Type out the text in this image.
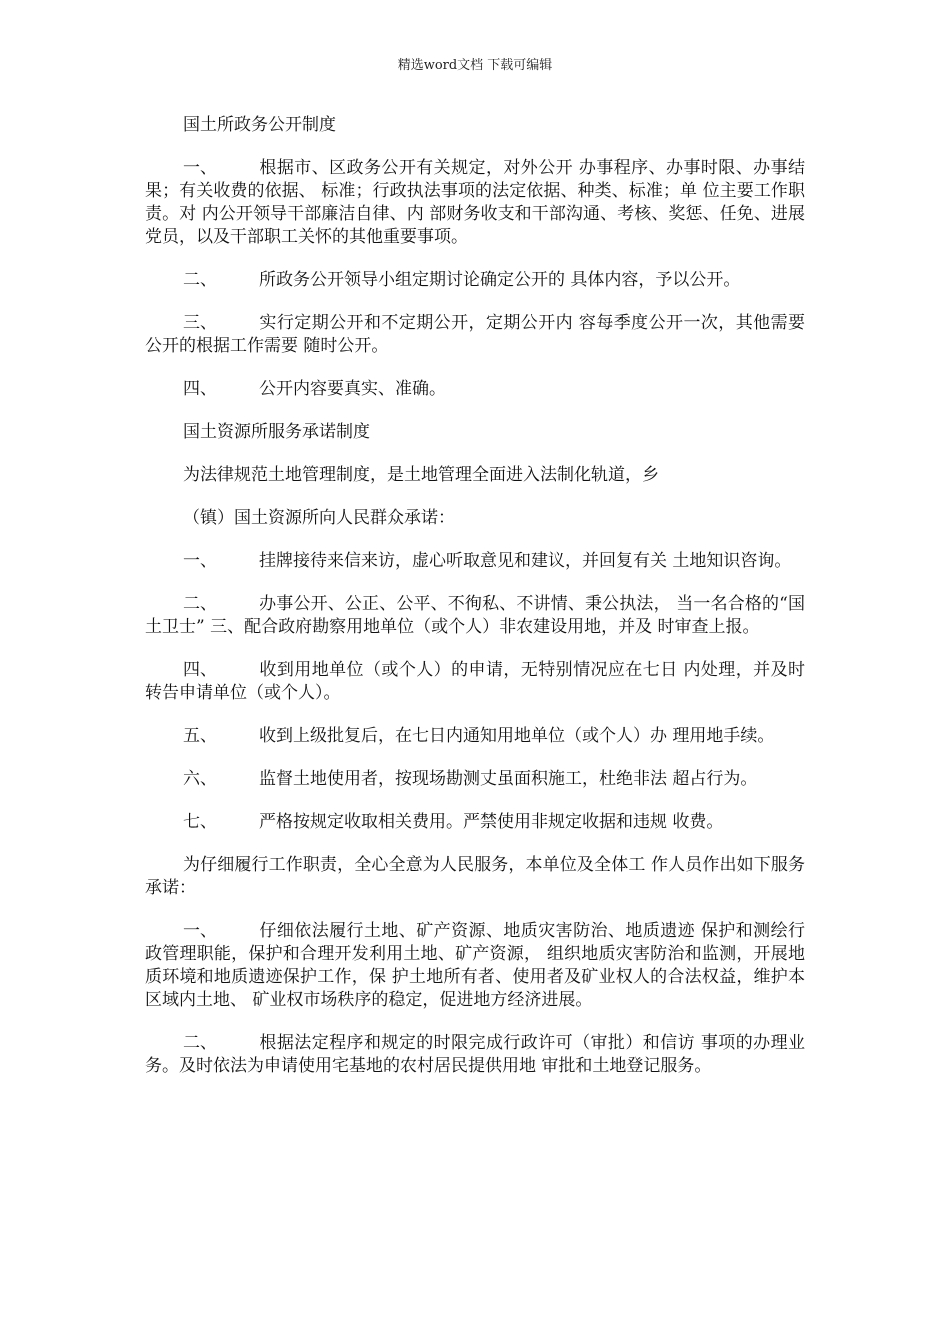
精选word文档 下载可编辑

国土所政务公开制度

一、 根据市、区政务公开有关规定，对外公开 办事程序、办事时限、办事结果；有关收费的依据、 标准；行政执法事项的法定依据、种类、标准；单 位主要工作职责。对 内公开领导干部廉洁自律、内 部财务收支和干部沟通、考核、奖惩、任免、进展 党员，以及干部职工关怀的其他重要事项。

二、 所政务公开领导小组定期讨论确定公开的 具体内容，予以公开。

三、 实行定期公开和不定期公开，定期公开内 容每季度公开一次，其他需要公开的根据工作需要 随时公开。

四、 公开内容要真实、准确。

国土资源所服务承诺制度

为法律规范土地管理制度，是土地管理全面进入法制化轨道，乡

（镇）国土资源所向人民群众承诺：

一、 挂牌接待来信来访，虚心听取意见和建议，并回复有关 土地知识咨询。

二、 办事公开、公正、公平、不徇私、不讲情、秉公执法， 当一名合格的“国土卫士” 三、配合政府勘察用地单位（或个人）非农建设用地，并及 时审查上报。

四、 收到用地单位（或个人）的申请，无特别情况应在七日 内处理，并及时转告申请单位（或个人）。

五、 收到上级批复后，在七日内通知用地单位（或个人）办 理用地手续。

六、 监督土地使用者，按现场勘测丈虽面积施工，杜绝非法 超占行为。

七、 严格按规定收取相关费用。严禁使用非规定收据和违规 收费。

为仔细履行工作职责，全心全意为人民服务，本单位及全体工 作人员作出如下服务承诺：

一、 仔细依法履行土地、矿产资源、地质灾害防治、地质遗迹 保护和测绘行政管理职能，保护和合理开发利用土地、矿产资源， 组织地质灾害防治和监测，开展地质环境和地质遗迹保护工作，保 护土地所有者、使用者及矿业权人的合法权益，维护本区域内土地、 矿业权市场秩序的稳定，促进地方经济进展。

二、 根据法定程序和规定的时限完成行政许可（审批）和信访 事项的办理业务。及时依法为申请使用宅基地的农村居民提供用地 审批和土地登记服务。
